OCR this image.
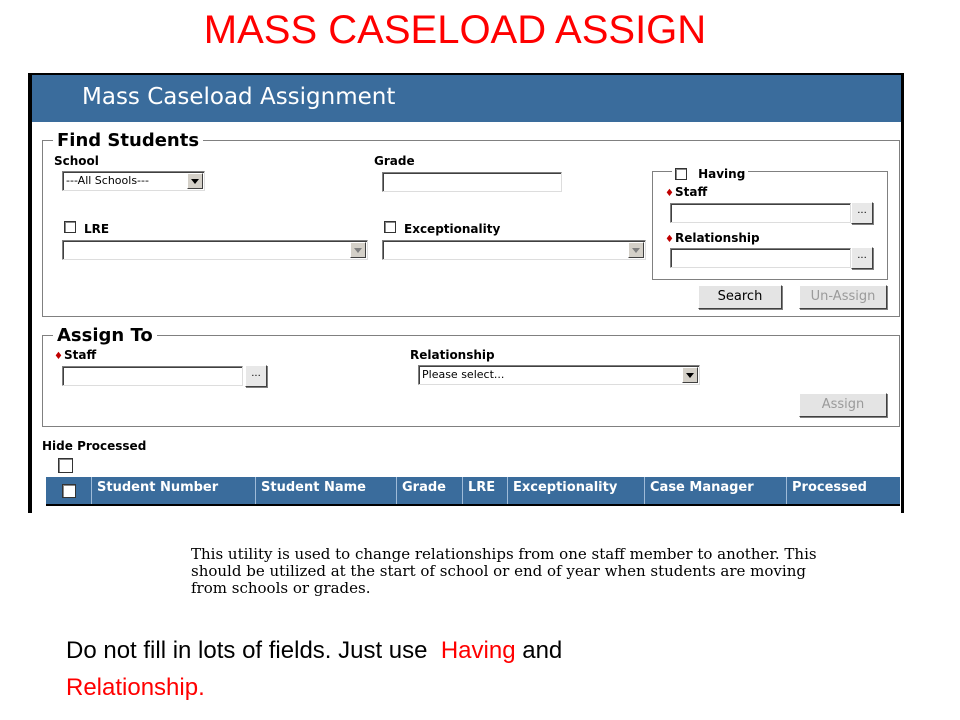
MASS CASELOAD ASSIGN
Mass Caseload Assignment
Find Students
School
---All Schools---
Grade
LRE	Exceptionality
Having
♦Staff
...
♦Relationship
...
Search	Un-Assign
Assign To
♦Staff
...
Relationship
Please select...
Assign
Hide Processed
Student Number	Student Name	Grade	LRE	Exceptionality	Case Manager	Processed
This utility is used to change relationships from one staff member to another. This
should be utilized at the start of school or end of year when students are moving
from schools or grades.
Do not fill in lots of fields. Just use Having and
Relationship.
